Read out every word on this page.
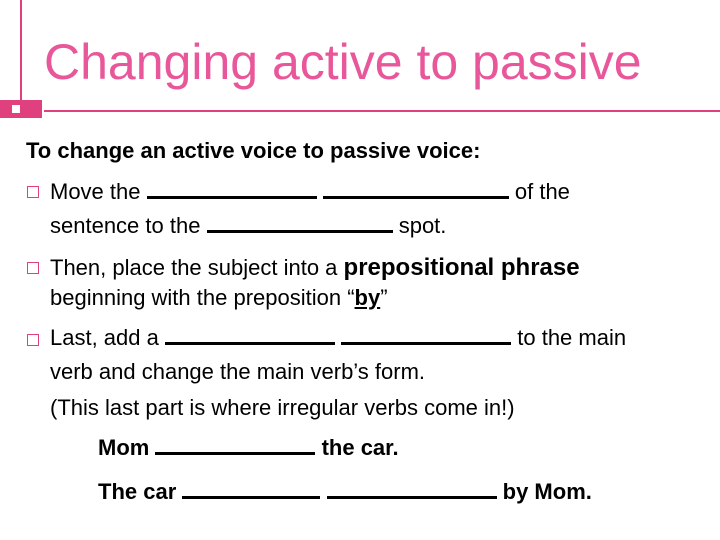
Changing active to passive
To change an active voice to passive voice:
Move the	of the
sentence to the	spot.
Then, place the subject into a prepositional phrase
beginning with the preposition “by”
Last, add a	to the main
verb and change the main verb’s form.
(This last part is where irregular verbs come in!)
Mom	the car.
The car	by Mom.
